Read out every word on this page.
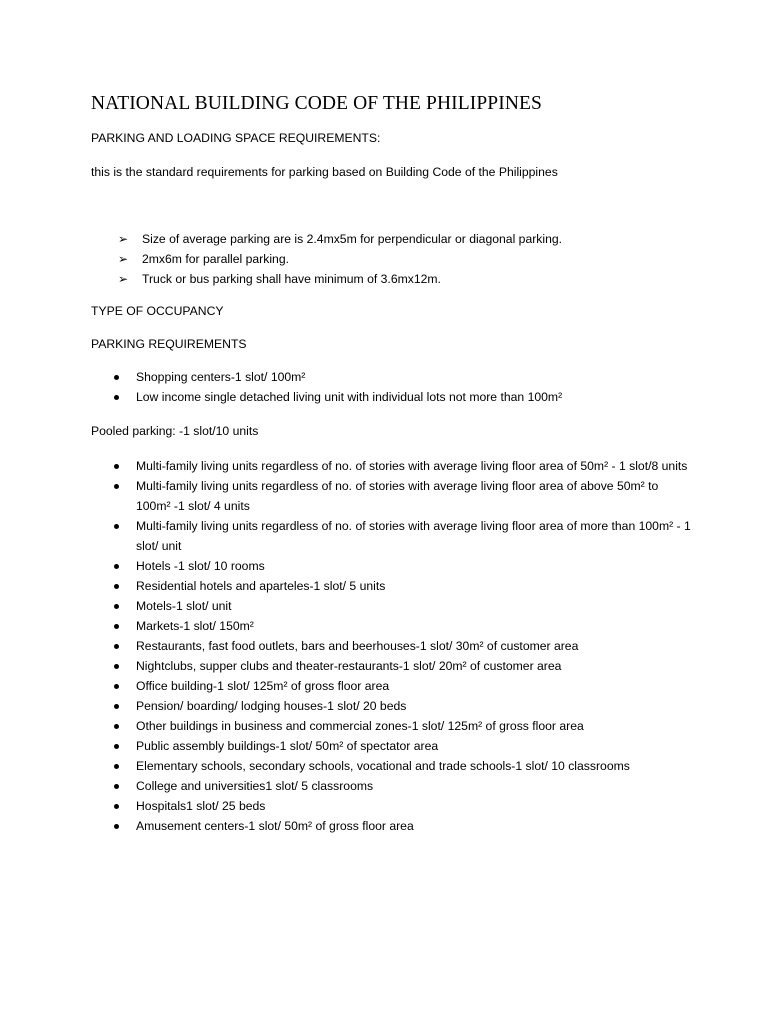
NATIONAL BUILDING CODE OF THE PHILIPPINES
PARKING AND LOADING SPACE REQUIREMENTS:
this is the standard requirements for parking based on Building Code of the Philippines
➢ Size of average parking are is 2.4mx5m for perpendicular or diagonal parking.
➢ 2mx6m for parallel parking.
➢ Truck or bus parking shall have minimum of 3.6mx12m.
TYPE OF OCCUPANCY
PARKING REQUIREMENTS
Shopping centers-1 slot/ 100m²
Low income single detached living unit with individual lots not more than 100m²
Pooled parking: -1 slot/10 units
Multi-family living units regardless of no. of stories with average living floor area of 50m² - 1 slot/8 units
Multi-family living units regardless of no. of stories with average living floor area of above 50m² to 100m² -1 slot/ 4 units
Multi-family living units regardless of no. of stories with average living floor area of more than 100m² - 1 slot/ unit
Hotels -1 slot/ 10 rooms
Residential hotels and aparteles-1 slot/ 5 units
Motels-1 slot/ unit
Markets-1 slot/ 150m²
Restaurants, fast food outlets, bars and beerhouses-1 slot/ 30m² of customer area
Nightclubs, supper clubs and theater-restaurants-1 slot/ 20m² of customer area
Office building-1 slot/ 125m² of gross floor area
Pension/ boarding/ lodging houses-1 slot/ 20 beds
Other buildings in business and commercial zones-1 slot/ 125m² of gross floor area
Public assembly buildings-1 slot/ 50m² of spectator area
Elementary schools, secondary schools, vocational and trade schools-1 slot/ 10 classrooms
College and universities1 slot/ 5 classrooms
Hospitals1 slot/ 25 beds
Amusement centers-1 slot/ 50m² of gross floor area
